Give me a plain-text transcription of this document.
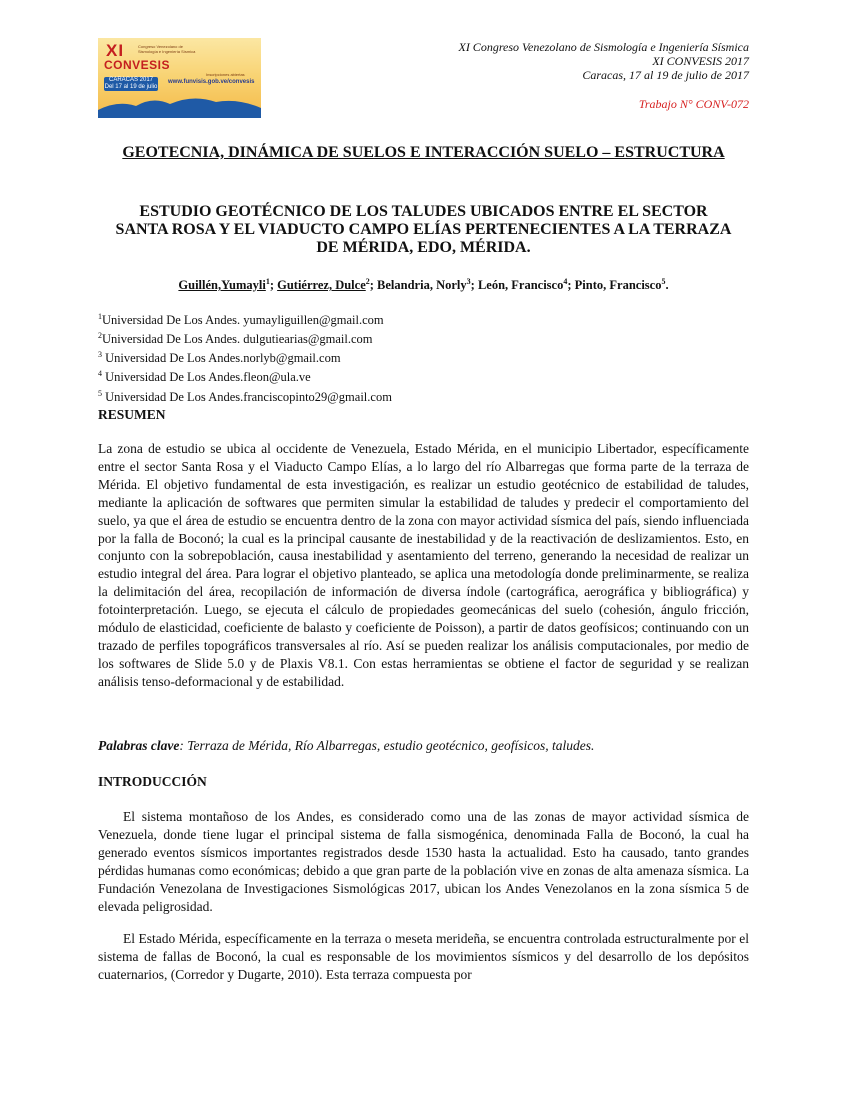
XI	Congreso Venezolano de Sismología e Ingeniería Sísmica
CONVESIS
Inscripciones abiertas
CARACAS 2017
Del 17 al 19 de julio
www.funvisis.gob.ve/convesis
XI Congreso Venezolano de Sismología e Ingeniería Sísmica
XI CONVESIS 2017
Caracas, 17 al 19 de julio de 2017
Trabajo N° CONV-072
GEOTECNIA, DINÁMICA DE SUELOS E INTERACCIÓN SUELO – ESTRUCTURA
ESTUDIO GEOTÉCNICO DE LOS TALUDES UBICADOS ENTRE EL SECTOR
SANTA ROSA Y EL VIADUCTO CAMPO ELÍAS PERTENECIENTES A LA TERRAZA
DE MÉRIDA, EDO, MÉRIDA.
Guillén,Yumayli$^1$; Gutiérrez, Dulce$^2$; Belandria, Norly$^3$; León, Francisco$^4$; Pinto, Francisco$^5$.
$^1$Universidad De Los Andes. yumayliguillen@gmail.com
$^2$Universidad De Los Andes. dulgutiearias@gmail.com
$^3$ Universidad De Los Andes.norlyb@gmail.com
$^4$ Universidad De Los Andes.fleon@ula.ve
$^5$ Universidad De Los Andes.franciscopinto29@gmail.com
RESUMEN
La zona de estudio se ubica al occidente de Venezuela, Estado Mérida, en el municipio Libertador, específicamente entre el sector Santa Rosa y el Viaducto Campo Elías, a lo largo del río Albarregas que forma parte de la terraza de Mérida. El objetivo fundamental de esta investigación, es realizar un estudio geotécnico de estabilidad de taludes, mediante la aplicación de softwares que permiten simular la estabilidad de taludes y predecir el comportamiento del suelo, ya que el área de estudio se encuentra dentro de la zona con mayor actividad sísmica del país, siendo influenciada por la falla de Boconó; la cual es la principal causante de inestabilidad y de la reactivación de deslizamientos. Esto, en conjunto con la sobrepoblación, causa inestabilidad y asentamiento del terreno, generando la necesidad de realizar un estudio integral del área. Para lograr el objetivo planteado, se aplica una metodología donde preliminarmente, se realiza la delimitación del área, recopilación de información de diversa índole (cartográfica, aerográfica y bibliográfica) y fotointerpretación. Luego, se ejecuta el cálculo de propiedades geomecánicas del suelo (cohesión, ángulo fricción, módulo de elasticidad, coeficiente de balasto y coeficiente de Poisson), a partir de datos geofísicos; continuando con un trazado de perfiles topográficos transversales al río. Así se pueden realizar los análisis computacionales, por medio de los softwares de Slide 5.0 y de Plaxis V8.1. Con estas herramientas se obtiene el factor de seguridad y se realizan análisis tenso-deformacional y de estabilidad.
Palabras clave: Terraza de Mérida, Río Albarregas, estudio geotécnico, geofísicos, taludes.
INTRODUCCIÓN
El sistema montañoso de los Andes, es considerado como una de las zonas de mayor actividad sísmica de Venezuela, donde tiene lugar el principal sistema de falla sismogénica, denominada Falla de Boconó, la cual ha generado eventos sísmicos importantes registrados desde 1530 hasta la actualidad. Esto ha causado, tanto grandes pérdidas humanas como económicas; debido a que gran parte de la población vive en zonas de alta amenaza sísmica. La Fundación Venezolana de Investigaciones Sismológicas 2017, ubican los Andes Venezolanos en la zona sísmica 5 de elevada peligrosidad.
El Estado Mérida, específicamente en la terraza o meseta merideña, se encuentra controlada estructuralmente por el sistema de fallas de Boconó, la cual es responsable de los movimientos sísmicos y del desarrollo de los depósitos cuaternarios, (Corredor y Dugarte, 2010). Esta terraza compuesta por
